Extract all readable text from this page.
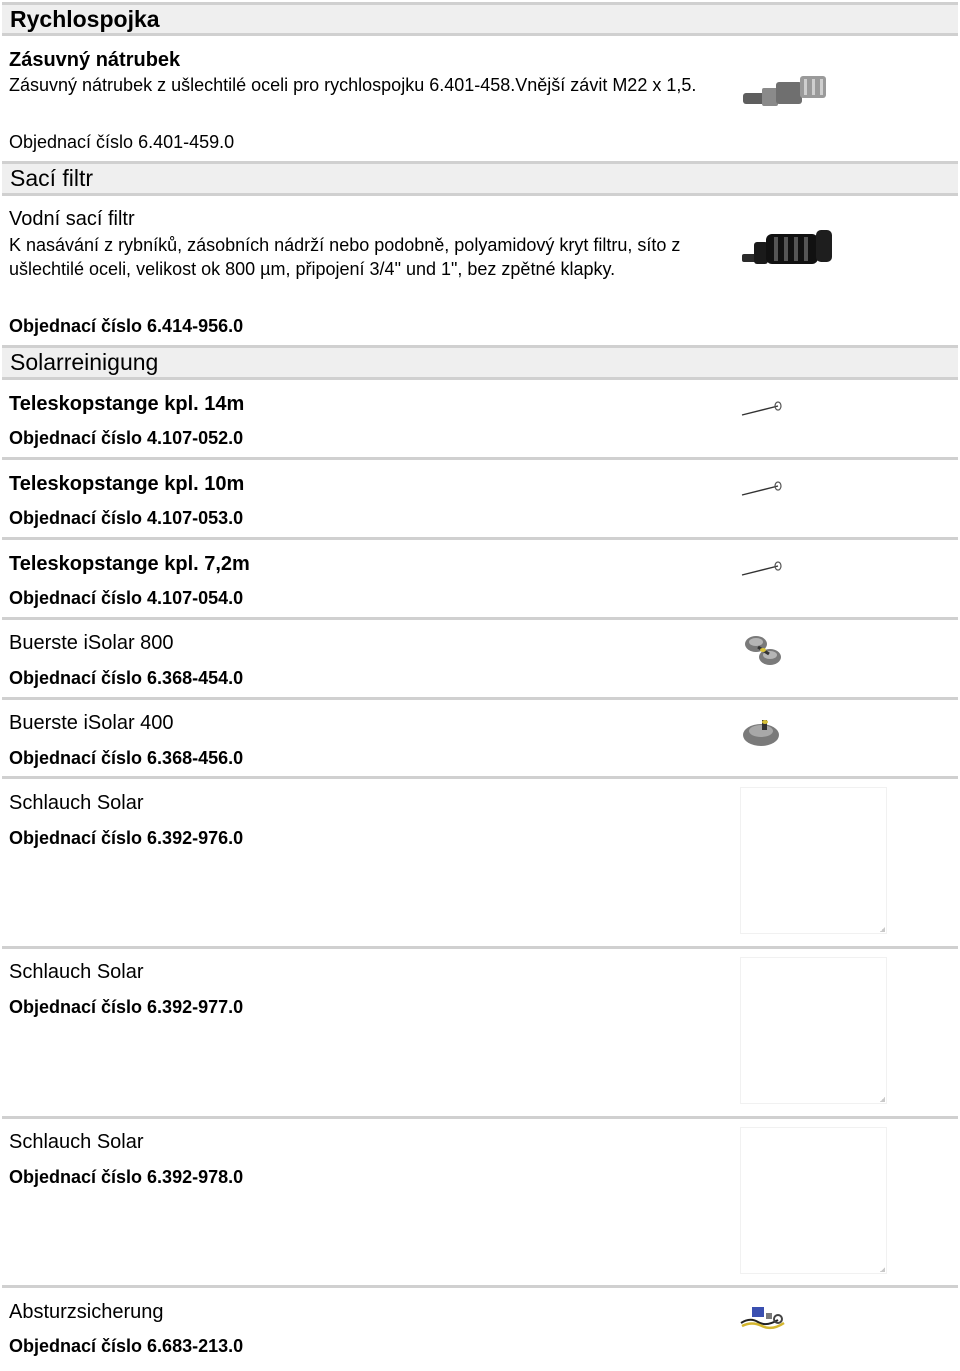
Rychlospojka
Zásuvný nátrubek
Zásuvný nátrubek z ušlechtilé oceli pro rychlospojku 6.401-458.Vnější závit M22 x 1,5.
Objednací číslo 6.401-459.0
Sací filtr
Vodní sací filtr
K nasávání z rybníků, zásobních nádrží nebo podobně, polyamidový kryt filtru, síto z ušlechtilé oceli, velikost ok 800 µm, připojení 3/4" und 1", bez zpětné klapky.
Objednací číslo 6.414-956.0
Solarreinigung
Teleskopstange kpl. 14m
Objednací číslo 4.107-052.0
Teleskopstange kpl. 10m
Objednací číslo 4.107-053.0
Teleskopstange kpl. 7,2m
Objednací číslo 4.107-054.0
Buerste iSolar 800
Objednací číslo 6.368-454.0
Buerste iSolar 400
Objednací číslo 6.368-456.0
Schlauch Solar
Objednací číslo 6.392-976.0
Schlauch Solar
Objednací číslo 6.392-977.0
Schlauch Solar
Objednací číslo 6.392-978.0
Absturzsicherung
Objednací číslo 6.683-213.0
